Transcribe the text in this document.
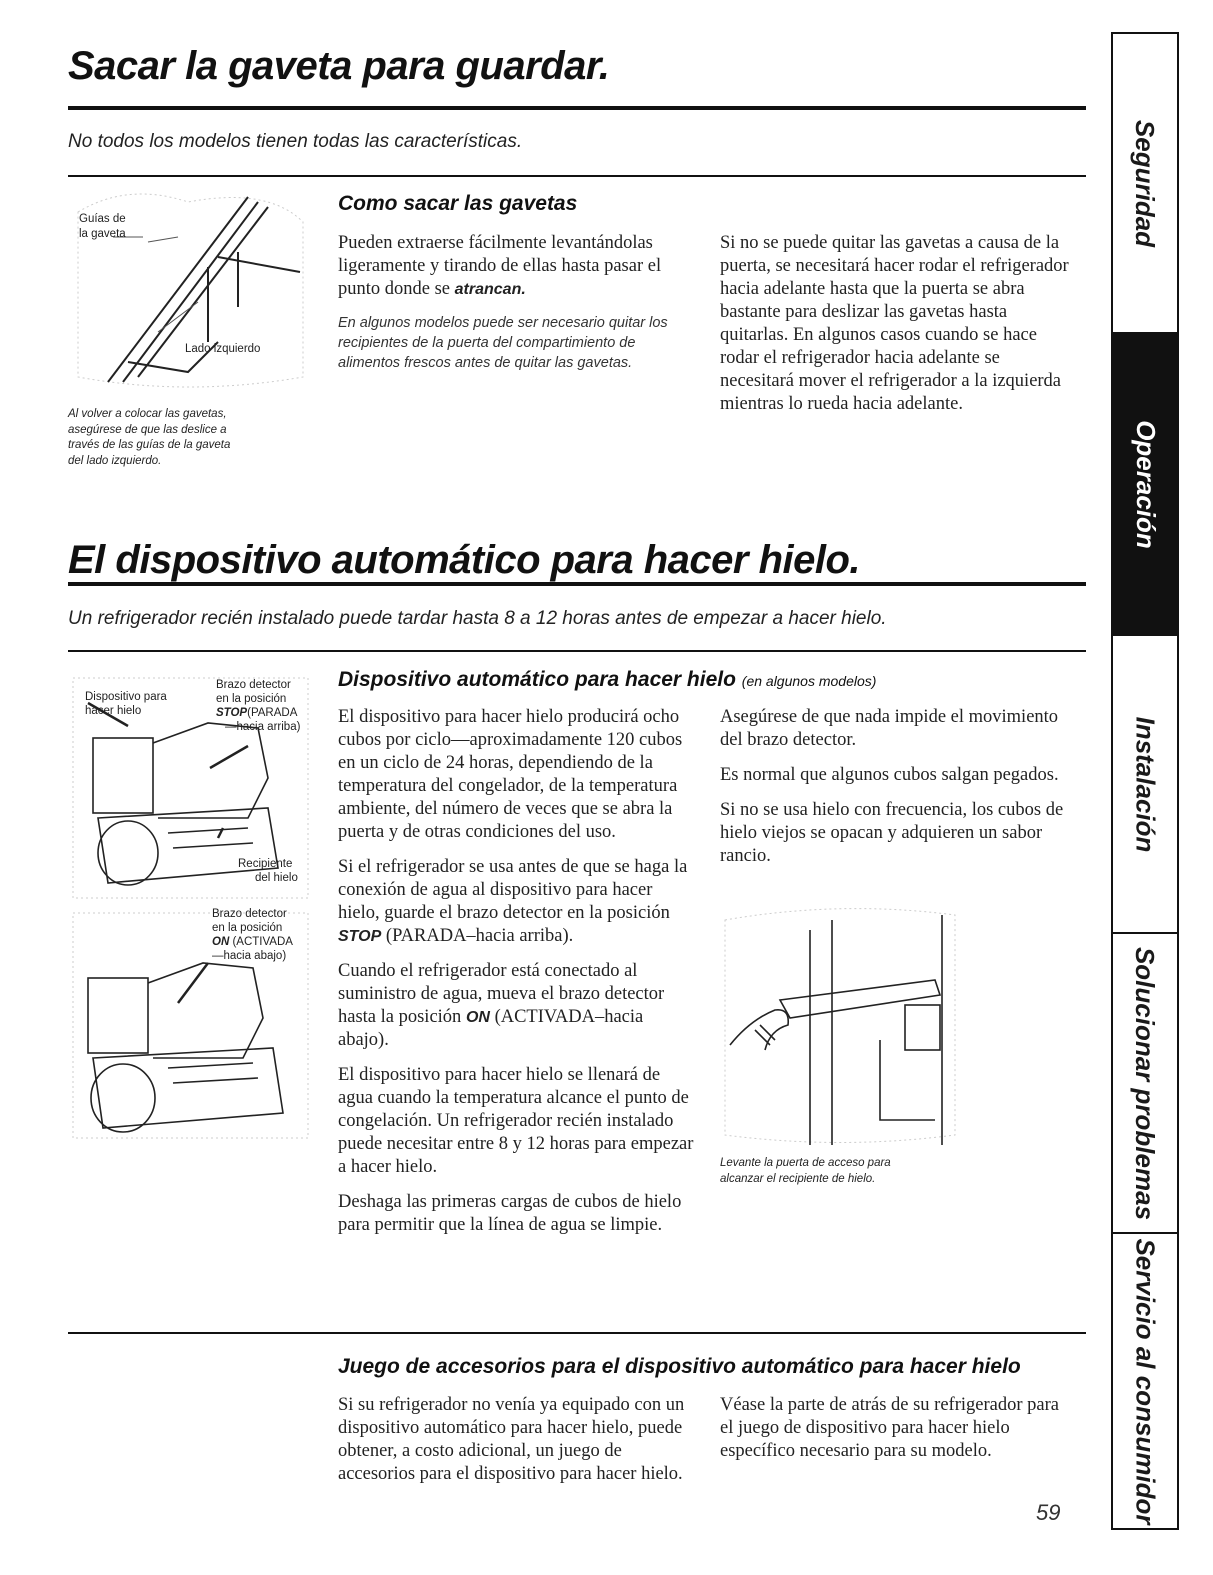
Sacar la gaveta para guardar.
No todos los modelos tienen todas las características.
Guías de
la gaveta
Lado izquierdo
Al volver a colocar las gavetas,
asegúrese de que las deslice a
través de las guías de la gaveta
del lado izquierdo.
Como sacar las gavetas

Pueden extraerse fácilmente levantándolas ligeramente y tirando de ellas hasta pasar el punto donde se atrancan.

En algunos modelos puede ser necesario quitar los recipientes de la puerta del compartimiento de alimentos frescos antes de quitar las gavetas.
Si no se puede quitar las gavetas a causa de la puerta, se necesitará hacer rodar el refrigerador hacia adelante hasta que la puerta se abra bastante para deslizar las gavetas hasta quitarlas. En algunos casos cuando se hace rodar el refrigerador hacia adelante se necesitará mover el refrigerador a la izquierda mientras lo rueda hacia adelante.
El dispositivo automático para hacer hielo.
Un refrigerador recién instalado puede tardar hasta 8 a 12 horas antes de empezar a hacer hielo.
Dispositivo para
hacer hielo
Brazo detector
en la posición
STOP(PARADA
—hacia arriba)
Recipiente
del hielo
Brazo detector
en la posición
ON (ACTIVADA
—hacia abajo)
Dispositivo automático para hacer hielo (en algunos modelos)

El dispositivo para hacer hielo producirá ocho cubos por ciclo—aproximadamente 120 cubos en un ciclo de 24 horas, dependiendo de la temperatura del congelador, de la temperatura ambiente, del número de veces que se abra la puerta y de otras condiciones del uso.

Si el refrigerador se usa antes de que se haga la conexión de agua al dispositivo para hacer hielo, guarde el brazo detector en la posición STOP (PARADA–hacia arriba).

Cuando el refrigerador está conectado al suministro de agua, mueva el brazo detector hasta la posición ON (ACTIVADA–hacia abajo).

El dispositivo para hacer hielo se llenará de agua cuando la temperatura alcance el punto de congelación. Un refrigerador recién instalado puede necesitar entre 8 y 12 horas para empezar a hacer hielo.

Deshaga las primeras cargas de cubos de hielo para permitir que la línea de agua se limpie.

Asegúrese de que nada impide el movimiento del brazo detector.

Es normal que algunos cubos salgan pegados.

Si no se usa hielo con frecuencia, los cubos de hielo viejos se opacan y adquieren un sabor rancio.

Levante la puerta de acceso para
alcanzar el recipiente de hielo.
Juego de accesorios para el dispositivo automático para hacer hielo
Si su refrigerador no venía ya equipado con un dispositivo automático para hacer hielo, puede obtener, a costo adicional, un juego de accesorios para el dispositivo para hacer hielo.
Véase la parte de atrás de su refrigerador para el juego de dispositivo para hacer hielo específico necesario para su modelo.
59
Seguridad
Operación
Instalación
Solucionar problemas
Servicio al consumidor
